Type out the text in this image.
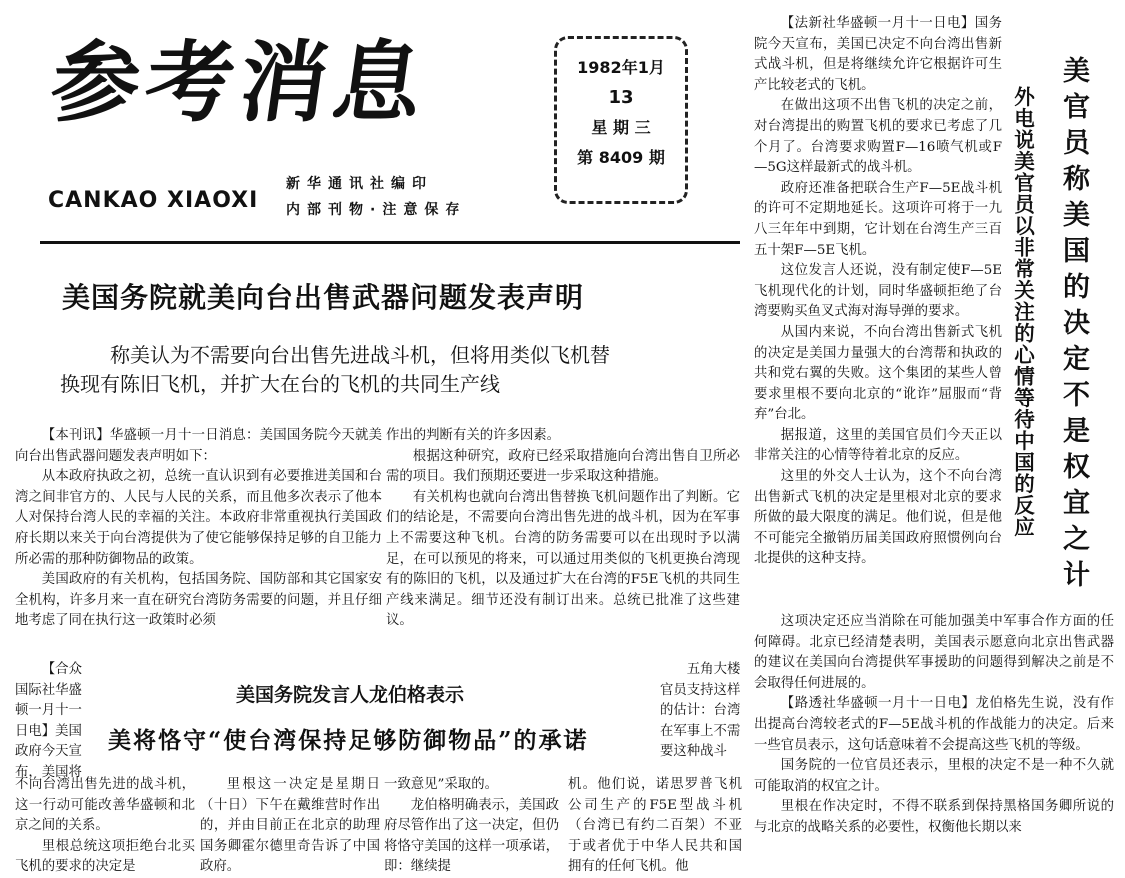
参考消息
CANKAO XIAOXI
新华通讯社编印
内部刊物·注意保存
1982年1月
13
星 期 三
第 8409 期
美国务院就美向台出售武器问题发表声明
称美认为不需要向台出售先进战斗机，但将用类似飞机替
换现有陈旧飞机，并扩大在台的飞机的共同生产线

【本刊讯】华盛顿一月十一日消息：美国国务院今天就美向台出售武器问题发表声明如下：

从本政府执政之初，总统一直认识到有必要推进美国和台湾之间非官方的、人民与人民的关系，而且他多次表示了他本人对保持台湾人民的幸福的关注。本政府非常重视执行美国政府长期以来关于向台湾提供为了使它能够保持足够的自卫能力所必需的那种防御物品的政策。

美国政府的有关机构，包括国务院、国防部和其它国家安全机构，许多月来一直在研究台湾防务需要的问题，并且仔细地考虑了同在执行这一政策时必须

作出的判断有关的许多因素。

根据这种研究，政府已经采取措施向台湾出售自卫所必需的项目。我们预期还要进一步采取这种措施。

有关机构也就向台湾出售替换飞机问题作出了判断。它们的结论是，不需要向台湾出售先进的战斗机，因为在军事上不需要这种飞机。台湾的防务需要可以在出现时予以满足，在可以预见的将来，可以通过用类似的飞机更换台湾现有的陈旧的飞机，以及通过扩大在台湾的F5E飞机的共同生产线来满足。细节还没有制订出来。总统已批准了这些建议。

【法新社华盛顿一月十一日电】国务院今天宣布，美国已决定不向台湾出售新式战斗机，但是将继续允许它根据许可生产比较老式的飞机。

在做出这项不出售飞机的决定之前，对台湾提出的购置飞机的要求已考虑了几个月了。台湾要求购置F—16喷气机或F—5G这样最新式的战斗机。

政府还准备把联合生产F—5E战斗机的许可不定期地延长。这项许可将于一九八三年年中到期，它计划在台湾生产三百五十架F—5E飞机。

这位发言人还说，没有制定使F—5E飞机现代化的计划，同时华盛顿拒绝了台湾要购买鱼叉式海对海导弹的要求。

从国内来说，不向台湾出售新式飞机的决定是美国力量强大的台湾帮和执政的共和党右翼的失败。这个集团的某些人曾要求里根不要向北京的“讹诈”屈服而“背弃”台北。

据报道，这里的美国官员们今天正以非常关注的心情等待着北京的反应。

这里的外交人士认为，这个不向台湾出售新式飞机的决定是里根对北京的要求所做的最大限度的满足。他们说，但是他不可能完全撤销历届美国政府照惯例向台北提供的这种支持。

外电说美官员以非常关注的心情等待中国的反应 美官员称美国的决定不是权宜之计

这项决定还应当消除在可能加强美中军事合作方面的任何障碍。北京已经清楚表明，美国表示愿意向北京出售武器的建议在美国向台湾提供军事援助的问题得到解决之前是不会取得任何进展的。

【路透社华盛顿一月十一日电】龙伯格先生说，没有作出提高台湾较老式的F—5E战斗机的作战能力的决定。后来一些官员表示，这句话意味着不会提高这些飞机的等级。

国务院的一位官员还表示，里根的决定不是一种不久就可能取消的权宜之计。

里根在作决定时，不得不联系到保持黑格国务卿所说的与北京的战略关系的必要性，权衡他长期以来

【合众国际社华盛顿一月十一日电】美国政府今天宣布，美国将

美国务院发言人龙伯格表示
美将恪守“使台湾保持足够防御物品”的承诺

五角大楼官员支持这样的估计：台湾在军事上不需要这种战斗

不向台湾出售先进的战斗机，这一行动可能改善华盛顿和北京之间的关系。

里根总统这项拒绝台北买飞机的要求的决定是

里根这一决定是星期日（十日）下午在戴维营时作出的，并由目前正在北京的助理国务卿霍尔德里奇告诉了中国政府。

一致意见”采取的。

龙伯格明确表示，美国政府尽管作出了这一决定，但仍将恪守美国的这样一项承诺，即：继续提

机。他们说，诺思罗普飞机公司生产的F5E型战斗机（台湾已有约二百架）不亚于或者优于中华人民共和国拥有的任何飞机。他
